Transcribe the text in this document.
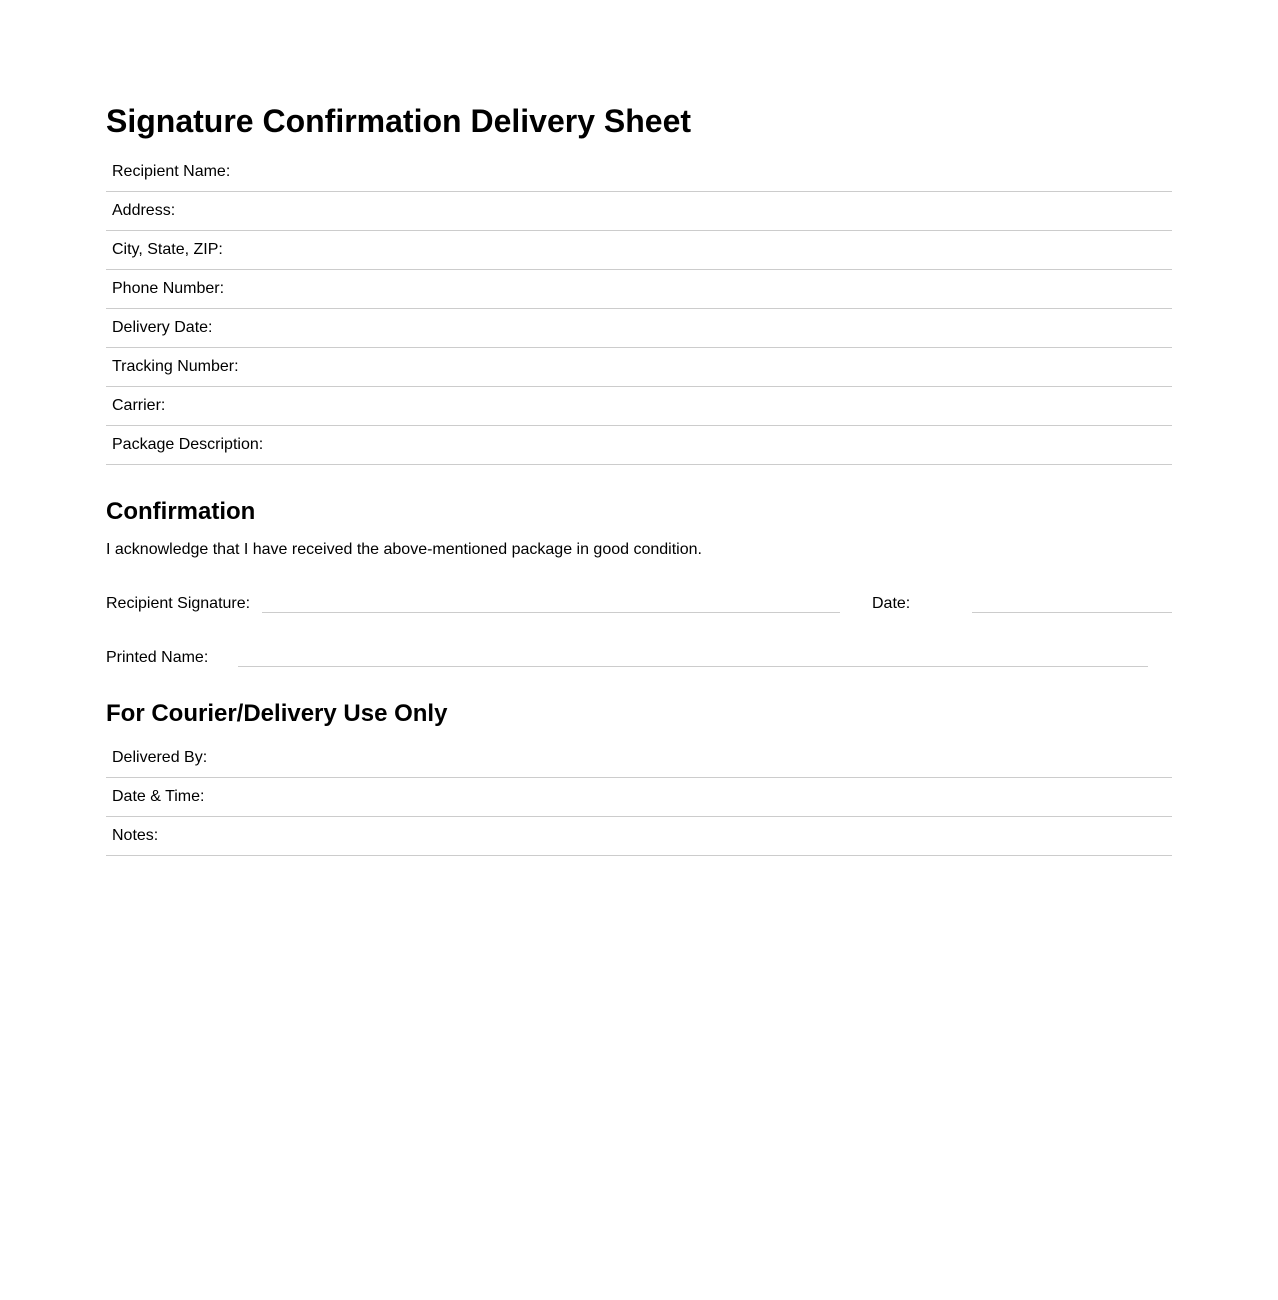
Signature Confirmation Delivery Sheet
Recipient Name:
Address:
City, State, ZIP:
Phone Number:
Delivery Date:
Tracking Number:
Carrier:
Package Description:
Confirmation
I acknowledge that I have received the above-mentioned package in good condition.
Recipient Signature:	Date:
Printed Name:
For Courier/Delivery Use Only
Delivered By:
Date & Time:
Notes:
